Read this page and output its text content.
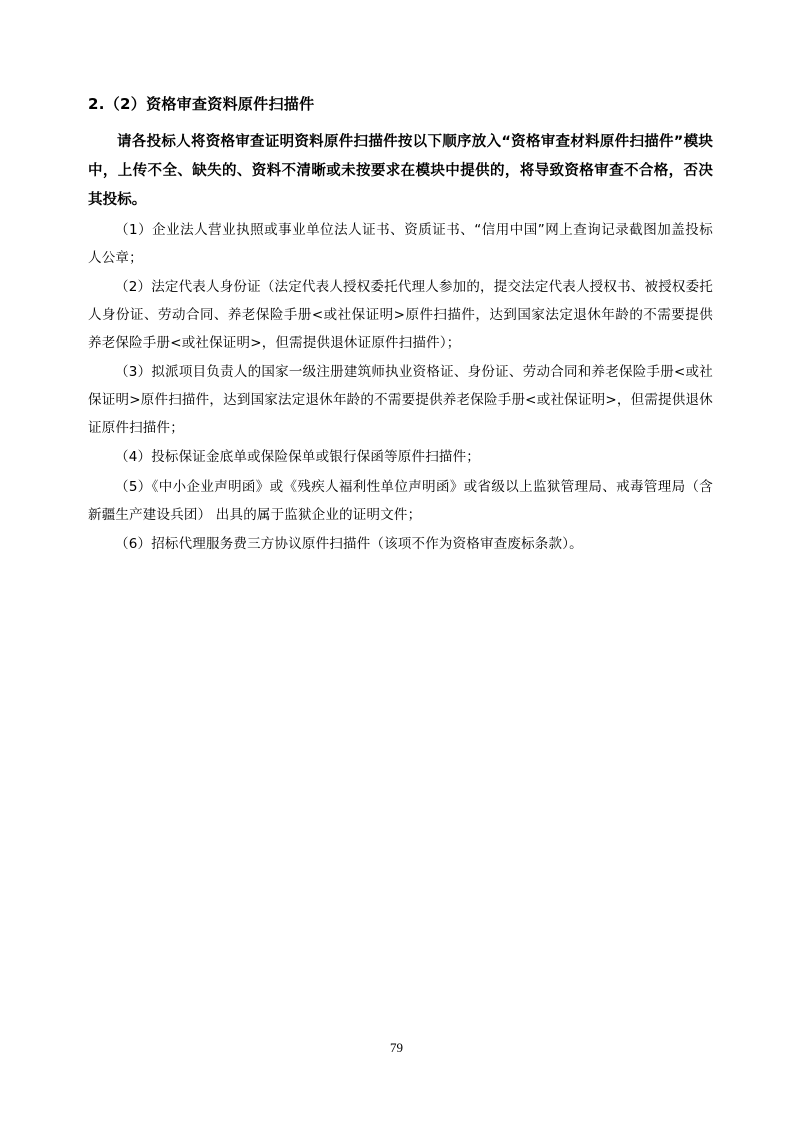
2.（2）资格审查资料原件扫描件

请各投标人将资格审查证明资料原件扫描件按以下顺序放入“资格审查材料原件扫描件”模块中，上传不全、缺失的、资料不清晰或未按要求在模块中提供的，将导致资格审查不合格，否决其投标。

（1）企业法人营业执照或事业单位法人证书、资质证书、“信用中国”网上查询记录截图加盖投标人公章；

（2）法定代表人身份证（法定代表人授权委托代理人参加的，提交法定代表人授权书、被授权委托人身份证、劳动合同、养老保险手册<或社保证明>原件扫描件，达到国家法定退休年龄的不需要提供养老保险手册<或社保证明>，但需提供退休证原件扫描件）；

（3）拟派项目负责人的国家一级注册建筑师执业资格证、身份证、劳动合同和养老保险手册<或社保证明>原件扫描件，达到国家法定退休年龄的不需要提供养老保险手册<或社保证明>，但需提供退休证原件扫描件；

（4）投标保证金底单或保险保单或银行保函等原件扫描件；

（5）《中小企业声明函》或《残疾人福利性单位声明函》或省级以上监狱管理局、戒毒管理局（含新疆生产建设兵团） 出具的属于监狱企业的证明文件；

（6）招标代理服务费三方协议原件扫描件（该项不作为资格审查废标条款）。

79
